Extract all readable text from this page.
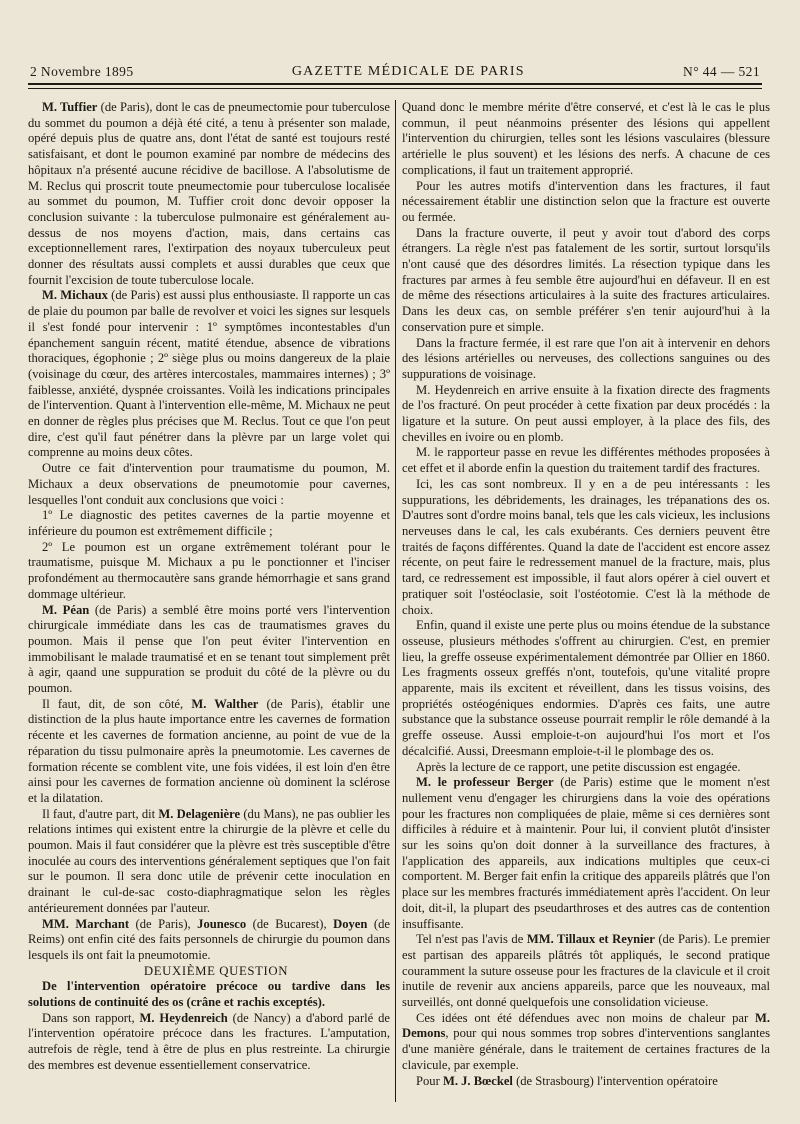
2 Novembre 1895	GAZETTE MÉDICALE DE PARIS	N° 44 — 521

M. Tuffier (de Paris), dont le cas de pneumectomie pour tuberculose du sommet du poumon a déjà été cité, a tenu à présenter son malade, opéré depuis plus de quatre ans, dont l'état de santé est toujours resté satisfaisant, et dont le poumon examiné par nombre de médecins des hôpitaux n'a présenté aucune récidive de bacillose. A l'absolutisme de M. Reclus qui proscrit toute pneumectomie pour tuberculose localisée au sommet du poumon, M. Tuffier croit donc devoir opposer la conclusion suivante : la tuberculose pulmonaire est généralement au-dessus de nos moyens d'action, mais, dans certains cas exceptionnellement rares, l'extirpation des noyaux tuberculeux peut donner des résultats aussi complets et aussi durables que ceux que fournit l'excision de toute tuberculose locale.

M. Michaux (de Paris) est aussi plus enthousiaste. Il rapporte un cas de plaie du poumon par balle de revolver et voici les signes sur lesquels il s'est fondé pour intervenir : 1º symptômes incontestables d'un épanchement sanguin récent, matité étendue, absence de vibrations thoraciques, égophonie ; 2º siège plus ou moins dangereux de la plaie (voisinage du cœur, des artères intercostales, mammaires internes) ; 3º faiblesse, anxiété, dyspnée croissantes. Voilà les indications principales de l'intervention. Quant à l'intervention elle-même, M. Michaux ne peut en donner de règles plus précises que M. Reclus. Tout ce que l'on peut dire, c'est qu'il faut pénétrer dans la plèvre par un large volet qui comprenne au moins deux côtes.

Outre ce fait d'intervention pour traumatisme du poumon, M. Michaux a deux observations de pneumotomie pour cavernes, lesquelles l'ont conduit aux conclusions que voici :

1º Le diagnostic des petites cavernes de la partie moyenne et inférieure du poumon est extrêmement difficile ;

2º Le poumon est un organe extrêmement tolérant pour le traumatisme, puisque M. Michaux a pu le ponctionner et l'inciser profondément au thermocautère sans grande hémorrhagie et sans grand dommage ultérieur.

M. Péan (de Paris) a semblé être moins porté vers l'intervention chirurgicale immédiate dans les cas de traumatismes graves du poumon. Mais il pense que l'on peut éviter l'intervention en immobilisant le malade traumatisé et en se tenant tout simplement prêt à agir, qaand une suppuration se produit du côté de la plèvre ou du poumon.

Il faut, dit, de son côté, M. Walther (de Paris), établir une distinction de la plus haute importance entre les cavernes de formation récente et les cavernes de formation ancienne, au point de vue de la réparation du tissu pulmonaire après la pneumotomie. Les cavernes de formation récente se comblent vite, une fois vidées, il est loin d'en être ainsi pour les cavernes de formation ancienne où dominent la sclérose et la dilatation.

Il faut, d'autre part, dit M. Delagenière (du Mans), ne pas oublier les relations intimes qui existent entre la chirurgie de la plèvre et celle du poumon. Mais il faut considérer que la plèvre est très susceptible d'être inoculée au cours des interventions généralement septiques que l'on fait sur le poumon. Il sera donc utile de prévenir cette inoculation en drainant le cul-de-sac costo-diaphragmatique selon les règles antérieurement données par l'auteur.

MM. Marchant (de Paris), Jounesco (de Bucarest), Doyen (de Reims) ont enfin cité des faits personnels de chirurgie du poumon dans lesquels ils ont fait la pneumotomie.

DEUXIÈME QUESTION

De l'intervention opératoire précoce ou tardive dans les solutions de continuité des os (crâne et rachis exceptés).

Dans son rapport, M. Heydenreich (de Nancy) a d'abord parlé de l'intervention opératoire précoce dans les fractures. L'amputation, autrefois de règle, tend à être de plus en plus restreinte. La chirurgie des membres est devenue essentiellement conservatrice.

Quand donc le membre mérite d'être conservé, et c'est là le cas le plus commun, il peut néanmoins présenter des lésions qui appellent l'intervention du chirurgien, telles sont les lésions vasculaires (blessure artérielle le plus souvent) et les lésions des nerfs. A chacune de ces complications, il faut un traitement approprié.

Pour les autres motifs d'intervention dans les fractures, il faut nécessairement établir une distinction selon que la fracture est ouverte ou fermée.

Dans la fracture ouverte, il peut y avoir tout d'abord des corps étrangers. La règle n'est pas fatalement de les sortir, surtout lorsqu'ils n'ont causé que des désordres limités. La résection typique dans les fractures par armes à feu semble être aujourd'hui en défaveur. Il en est de même des résections articulaires à la suite des fractures articulaires. Dans les deux cas, on semble préférer s'en tenir aujourd'hui à la conservation pure et simple.

Dans la fracture fermée, il est rare que l'on ait à intervenir en dehors des lésions artérielles ou nerveuses, des collections sanguines ou des suppurations de voisinage.

M. Heydenreich en arrive ensuite à la fixation directe des fragments de l'os fracturé. On peut procéder à cette fixation par deux procédés : la ligature et la suture. On peut aussi employer, à la place des fils, des chevilles en ivoire ou en plomb.

M. le rapporteur passe en revue les différentes méthodes proposées à cet effet et il aborde enfin la question du traitement tardif des fractures.

Ici, les cas sont nombreux. Il y en a de peu intéressants : les suppurations, les débridements, les drainages, les trépanations des os. D'autres sont d'ordre moins banal, tels que les cals vicieux, les inclusions nerveuses dans le cal, les cals exubérants. Ces derniers peuvent être traités de façons différentes. Quand la date de l'accident est encore assez récente, on peut faire le redressement manuel de la fracture, mais, plus tard, ce redressement est impossible, il faut alors opérer à ciel ouvert et pratiquer soit l'ostéoclasie, soit l'ostéotomie. C'est là la méthode de choix.

Enfin, quand il existe une perte plus ou moins étendue de la substance osseuse, plusieurs méthodes s'offrent au chirurgien. C'est, en premier lieu, la greffe osseuse expérimentalement démontrée par Ollier en 1860. Les fragments osseux greffés n'ont, toutefois, qu'une vitalité propre apparente, mais ils excitent et réveillent, dans les tissus voisins, des propriétés ostéogéniques endormies. D'après ces faits, une autre substance que la substance osseuse pourrait remplir le rôle demandé à la greffe osseuse. Aussi emploie-t-on aujourd'hui l'os mort et l'os décalcifié. Aussi, Dreesmann emploie-t-il le plombage des os.

Après la lecture de ce rapport, une petite discussion est engagée.

M. le professeur Berger (de Paris) estime que le moment n'est nullement venu d'engager les chirurgiens dans la voie des opérations pour les fractures non compliquées de plaie, même si ces dernières sont difficiles à réduire et à maintenir. Pour lui, il convient plutôt d'insister sur les soins qu'on doit donner à la surveillance des fractures, à l'application des appareils, aux indications multiples que ceux-ci comportent. M. Berger fait enfin la critique des appareils plâtrés que l'on place sur les membres fracturés immédiatement après l'accident. On leur doit, dit-il, la plupart des pseudarthroses et des autres cas de contention insuffisante.

Tel n'est pas l'avis de MM. Tillaux et Reynier (de Paris). Le premier est partisan des appareils plâtrés tôt appliqués, le second pratique couramment la suture osseuse pour les fractures de la clavicule et il croit inutile de revenir aux anciens appareils, parce que les nouveaux, mal surveillés, ont donné quelquefois une consolidation vicieuse.

Ces idées ont été défendues avec non moins de chaleur par M. Demons, pour qui nous sommes trop sobres d'interventions sanglantes d'une manière générale, dans le traitement de certaines fractures de la clavicule, par exemple.

Pour M. J. Bœckel (de Strasbourg) l'intervention opératoire
